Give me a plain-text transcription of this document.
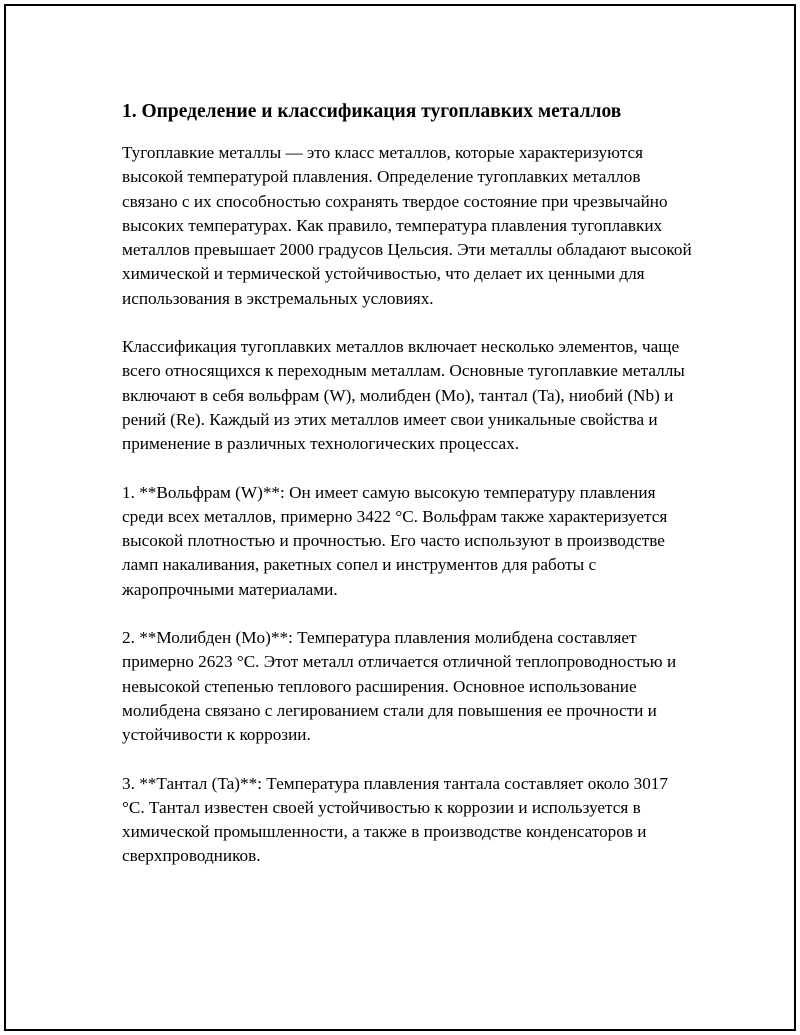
1. Определение и классификация тугоплавких металлов

Тугоплавкие металлы — это класс металлов, которые характеризуются высокой температурой плавления. Определение тугоплавких металлов связано с их способностью сохранять твердое состояние при чрезвычайно высоких температурах. Как правило, температура плавления тугоплавких металлов превышает 2000 градусов Цельсия. Эти металлы обладают высокой химической и термической устойчивостью, что делает их ценными для использования в экстремальных условиях.

Классификация тугоплавких металлов включает несколько элементов, чаще всего относящихся к переходным металлам. Основные тугоплавкие металлы включают в себя вольфрам (W), молибден (Mo), тантал (Ta), ниобий (Nb) и рений (Re). Каждый из этих металлов имеет свои уникальные свойства и применение в различных технологических процессах.

1. **Вольфрам (W)**: Он имеет самую высокую температуру плавления среди всех металлов, примерно 3422 °C. Вольфрам также характеризуется высокой плотностью и прочностью. Его часто используют в производстве ламп накаливания, ракетных сопел и инструментов для работы с жаропрочными материалами.

2. **Молибден (Mo)**: Температура плавления молибдена составляет примерно 2623 °C. Этот металл отличается отличной теплопроводностью и невысокой степенью теплового расширения. Основное использование молибдена связано с легированием стали для повышения ее прочности и устойчивости к коррозии.

3. **Тантал (Ta)**: Температура плавления тантала составляет около 3017 °C. Тантал известен своей устойчивостью к коррозии и используется в химической промышленности, а также в производстве конденсаторов и сверхпроводников.
